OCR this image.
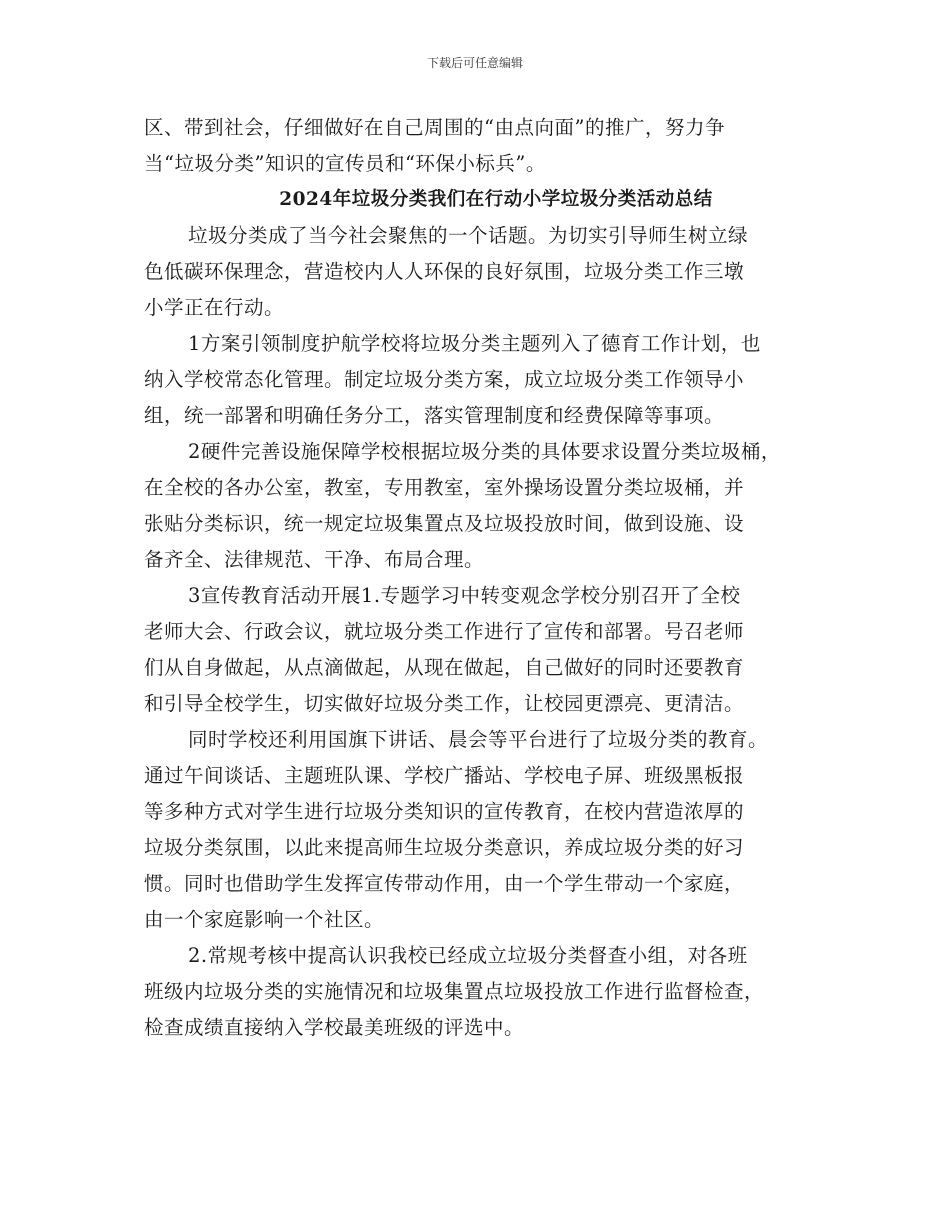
下载后可任意编辑
区、带到社会，仔细做好在自己周围的“由点向面”的推广，努力争
当“垃圾分类”知识的宣传员和“环保小标兵”。
2024年垃圾分类我们在行动小学垃圾分类活动总结
垃圾分类成了当今社会聚焦的一个话题。为切实引导师生树立绿
色低碳环保理念，营造校内人人环保的良好氛围，垃圾分类工作三墩
小学正在行动。
1方案引领制度护航学校将垃圾分类主题列入了德育工作计划，也
纳入学校常态化管理。制定垃圾分类方案，成立垃圾分类工作领导小
组，统一部署和明确任务分工，落实管理制度和经费保障等事项。
2硬件完善设施保障学校根据垃圾分类的具体要求设置分类垃圾桶，
在全校的各办公室，教室，专用教室，室外操场设置分类垃圾桶，并
张贴分类标识，统一规定垃圾集置点及垃圾投放时间，做到设施、设
备齐全、法律规范、干净、布局合理。
3宣传教育活动开展1.专题学习中转变观念学校分别召开了全校
老师大会、行政会议，就垃圾分类工作进行了宣传和部署。号召老师
们从自身做起，从点滴做起，从现在做起，自己做好的同时还要教育
和引导全校学生，切实做好垃圾分类工作，让校园更漂亮、更清洁。
同时学校还利用国旗下讲话、晨会等平台进行了垃圾分类的教育。
通过午间谈话、主题班队课、学校广播站、学校电子屏、班级黑板报
等多种方式对学生进行垃圾分类知识的宣传教育，在校内营造浓厚的
垃圾分类氛围，以此来提高师生垃圾分类意识，养成垃圾分类的好习
惯。同时也借助学生发挥宣传带动作用，由一个学生带动一个家庭，
由一个家庭影响一个社区。
2.常规考核中提高认识我校已经成立垃圾分类督查小组，对各班
班级内垃圾分类的实施情况和垃圾集置点垃圾投放工作进行监督检查，
检查成绩直接纳入学校最美班级的评选中。
